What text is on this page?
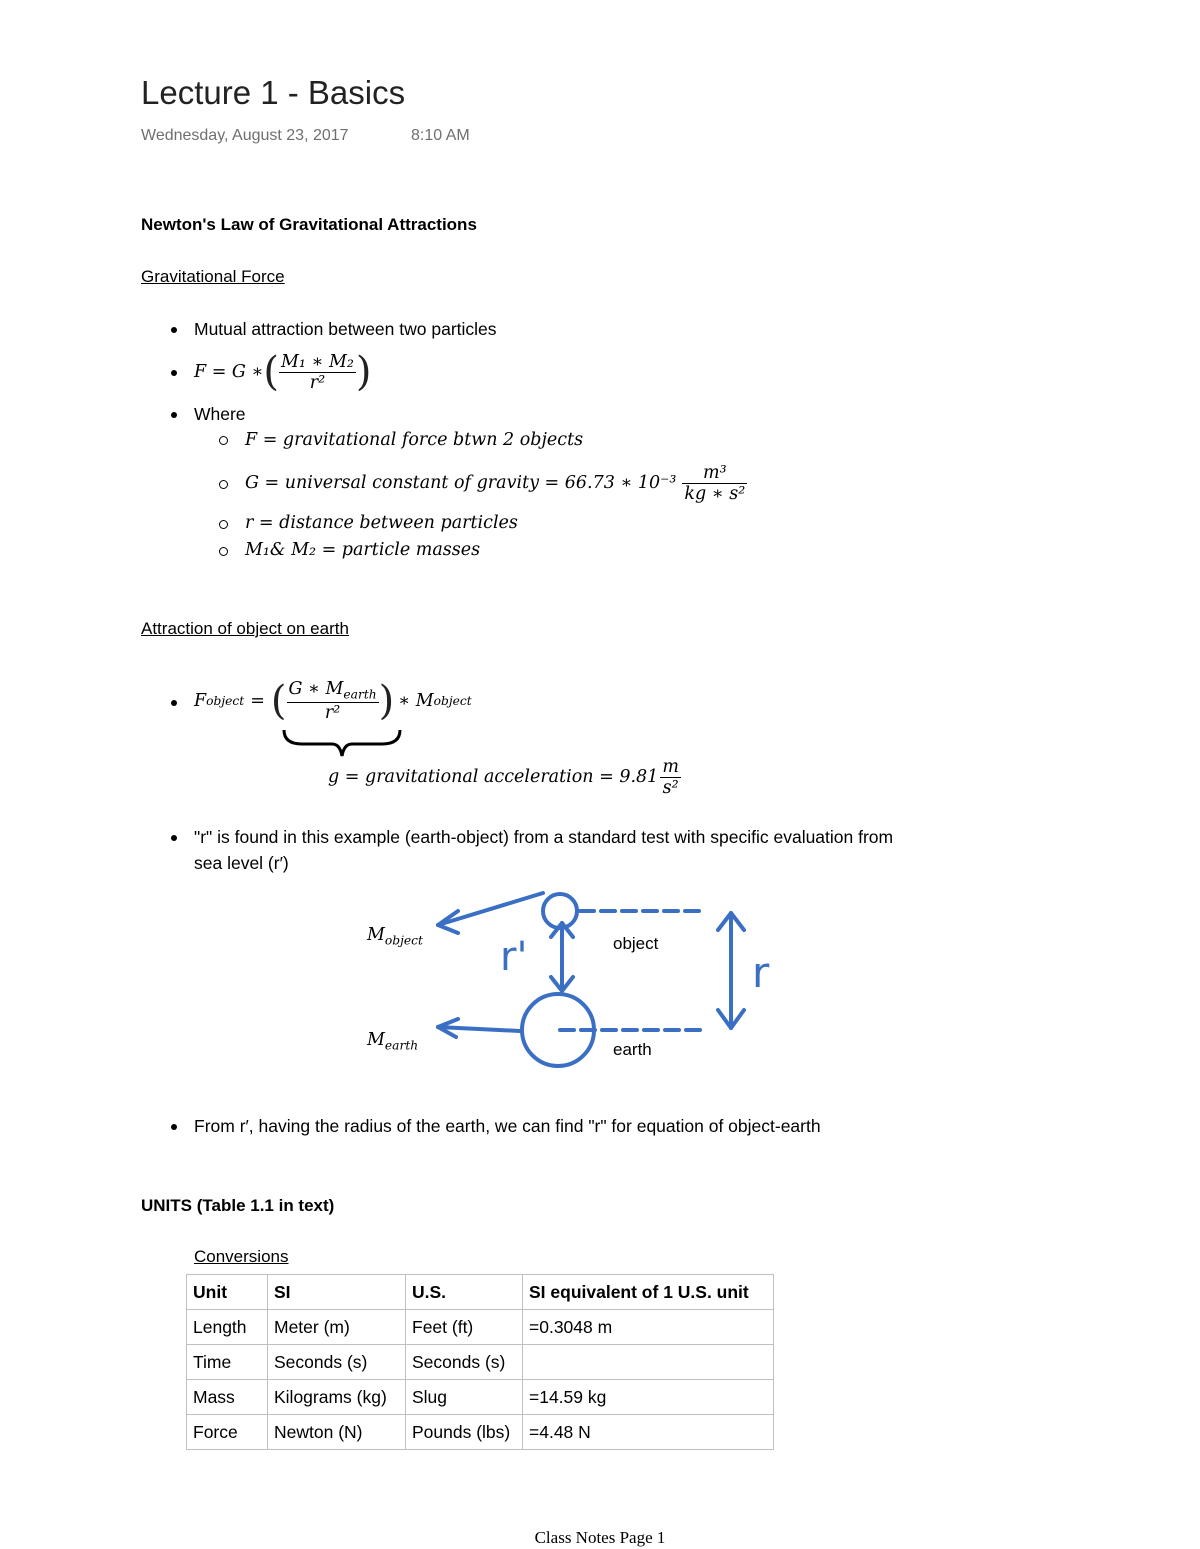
Lecture 1 - Basics
Wednesday, August 23, 2017	8:10 AM
Newton's Law of Gravitational Attractions
Gravitational Force
Mutual attraction between two particles
F = G ∗ ( $\frac{\text{M₁ ∗ M₂}}{\text{r²}}$ )
Where
F = gravitational force btwn 2 objects
G = universal constant of gravity = 66.73 ∗ $10^{-3} \frac{\text{m³}}{\text{kg ∗ s²}}$
r = distance between particles
M₁& M₂ = particle masses
Attraction of object on earth
F object = ( $\frac{G ∗ M_{earth}}{\text{r²}}$ ) ∗ M object
g = gravitational acceleration = $9.81 \frac{m}{\text{s²}}$
"r" is found in this example (earth-object) from a standard test with specific evaluation from
sea level (r′)
$M_{object}$
$M_{earth}$
object
earth
r'	r
From r′, having the radius of the earth, we can find "r" for equation of object-earth
UNITS (Table 1.1 in text)
Conversions
Unit	SI	U.S.	SI equivalent of 1 U.S. unit
Length	Meter (m)	Feet (ft)	=0.3048 m
Time	Seconds (s)	Seconds (s)	
Mass	Kilograms (kg)	Slug	=14.59 kg
Force	Newton (N)	Pounds (lbs)	=4.48 N
Class Notes Page 1
